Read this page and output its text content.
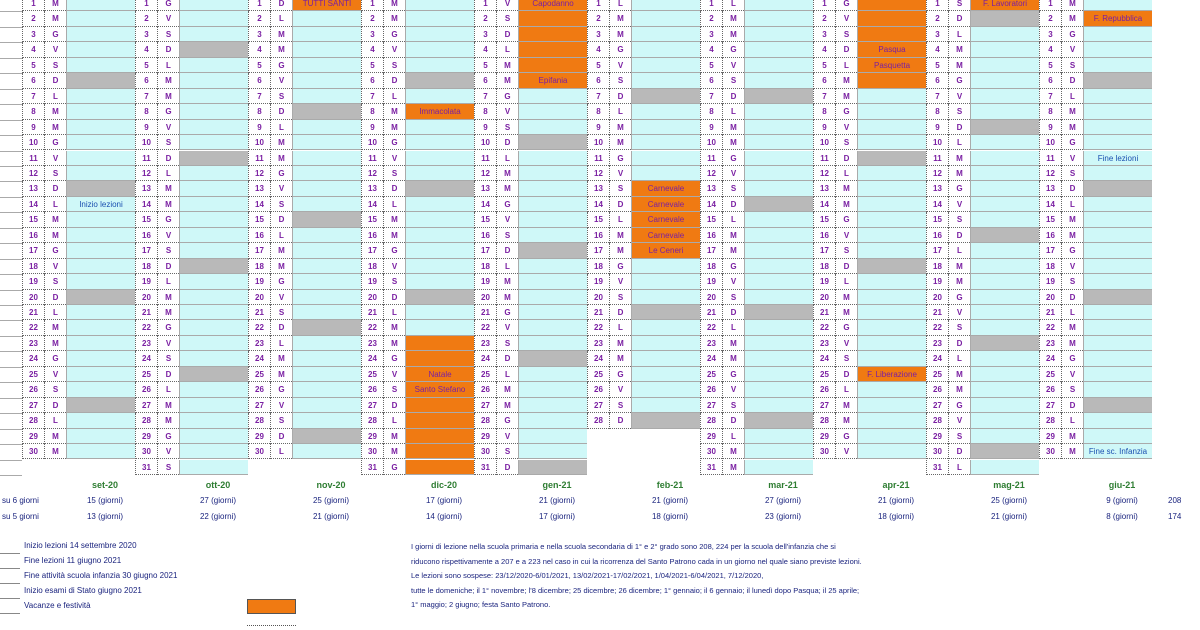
1	M
2	M
3	G
4	V
5	S
6	D
7	L
8	M
9	M
10	G
11	V
12	S
13	D
14	L	Inizio lezioni
15	M
16	M
17	G
18	V
19	S
20	D
21	L
22	M
23	M
24	G
25	V
26	S
27	D
28	L
29	M
30	M
set-20
15 (giorni)
13 (giorni)
1	G
2	V
3	S
4	D
5	L
6	M
7	M
8	G
9	V
10	S
11	D
12	L
13	M
14	M
15	G
16	V
17	S
18	D
19	L
20	M
21	M
22	G
23	V
24	S
25	D
26	L
27	M
28	M
29	G
30	V
31	S
ott-20
27 (giorni)
22 (giorni)
1	D	TUTTI SANTI
2	L
3	M
4	M
5	G
6	V
7	S
8	D
9	L
10	M
11	M
12	G
13	V
14	S
15	D
16	L
17	M
18	M
19	G
20	V
21	S
22	D
23	L
24	M
25	M
26	G
27	V
28	S
29	D
30	L
nov-20
25 (giorni)
21 (giorni)
1	M
2	M
3	G
4	V
5	S
6	D
7	L
8	M	Immacolata
9	M
10	G
11	V
12	S
13	D
14	L
15	M
16	M
17	G
18	V
19	S
20	D
21	L
22	M
23	M
24	G
25	V	Natale
26	S	Santo Stefano
27	D
28	L
29	M
30	M
31	G
dic-20
17 (giorni)
14 (giorni)
1	V	Capodanno
2	S
3	D
4	L
5	M
6	M	Epifania
7	G
8	V
9	S
10	D
11	L
12	M
13	M
14	G
15	V
16	S
17	D
18	L
19	M
20	M
21	G
22	V
23	S
24	D
25	L
26	M
27	M
28	G
29	V
30	S
31	D
gen-21
21 (giorni)
17 (giorni)
1	L
2	M
3	M
4	G
5	V
6	S
7	D
8	L
9	M
10	M
11	G
12	V
13	S	Carnevale
14	D	Carnevale
15	L	Carnevale
16	M	Carnevale
17	M	Le Ceneri
18	G
19	V
20	S
21	D
22	L
23	M
24	M
25	G
26	V
27	S
28	D
feb-21
21 (giorni)
18 (giorni)
1	L
2	M
3	M
4	G
5	V
6	S
7	D
8	L
9	M
10	M
11	G
12	V
13	S
14	D
15	L
16	M
17	M
18	G
19	V
20	S
21	D
22	L
23	M
24	M
25	G
26	V
27	S
28	D
29	L
30	M
31	M
mar-21
27 (giorni)
23 (giorni)
1	G
2	V
3	S
4	D	Pasqua
5	L	Pasquetta
6	M
7	M
8	G
9	V
10	S
11	D
12	L
13	M
14	M
15	G
16	V
17	S
18	D
19	L
20	M
21	M
22	G
23	V
24	S
25	D	F. Liberazione
26	L
27	M
28	M
29	G
30	V
apr-21
21 (giorni)
18 (giorni)
1	S	F. Lavoratori
2	D
3	L
4	M
5	M
6	G
7	V
8	S
9	D
10	L
11	M
12	M
13	G
14	V
15	S
16	D
17	L
18	M
19	M
20	G
21	V
22	S
23	D
24	L
25	M
26	M
27	G
28	V
29	S
30	D
31	L
mag-21
25 (giorni)
21 (giorni)
1	M
2	M	F. Repubblica
3	G
4	V
5	S
6	D
7	L
8	M
9	M
10	G
11	V	Fine lezioni
12	S
13	D
14	L
15	M
16	M
17	G
18	V
19	S
20	D
21	L
22	M
23	M
24	G
25	V
26	S
27	D
28	L
29	M
30	M	Fine sc. Infanzia
giu-21
9 (giorni)
8 (giorni)
su 6 giorni
su 5 giorni
208
174
Inizio lezioni 14 settembre 2020
Fine lezioni 11 giugno 2021
Fine attività scuola infanzia 30 giugno 2021
Inizio esami di Stato giugno 2021
Vacanze e festività
I giorni di lezione nella scuola primaria e nella scuola secondaria di 1° e 2° grado sono 208, 224 per la scuola dell'infanzia che si
riducono rispettivamente a 207 e a 223 nel caso in cui la ricorrenza del Santo Patrono cada in un giorno nel quale siano previste lezioni.
Le lezioni sono sospese: 23/12/2020-6/01/2021, 13/02/2021-17/02/2021, 1/04/2021-6/04/2021, 7/12/2020,
tutte le domeniche; il 1° novembre; l'8 dicembre; 25 dicembre; 26 dicembre; 1° gennaio; il 6 gennaio; il lunedì dopo Pasqua; il 25 aprile;
1° maggio; 2 giugno; festa Santo Patrono.
